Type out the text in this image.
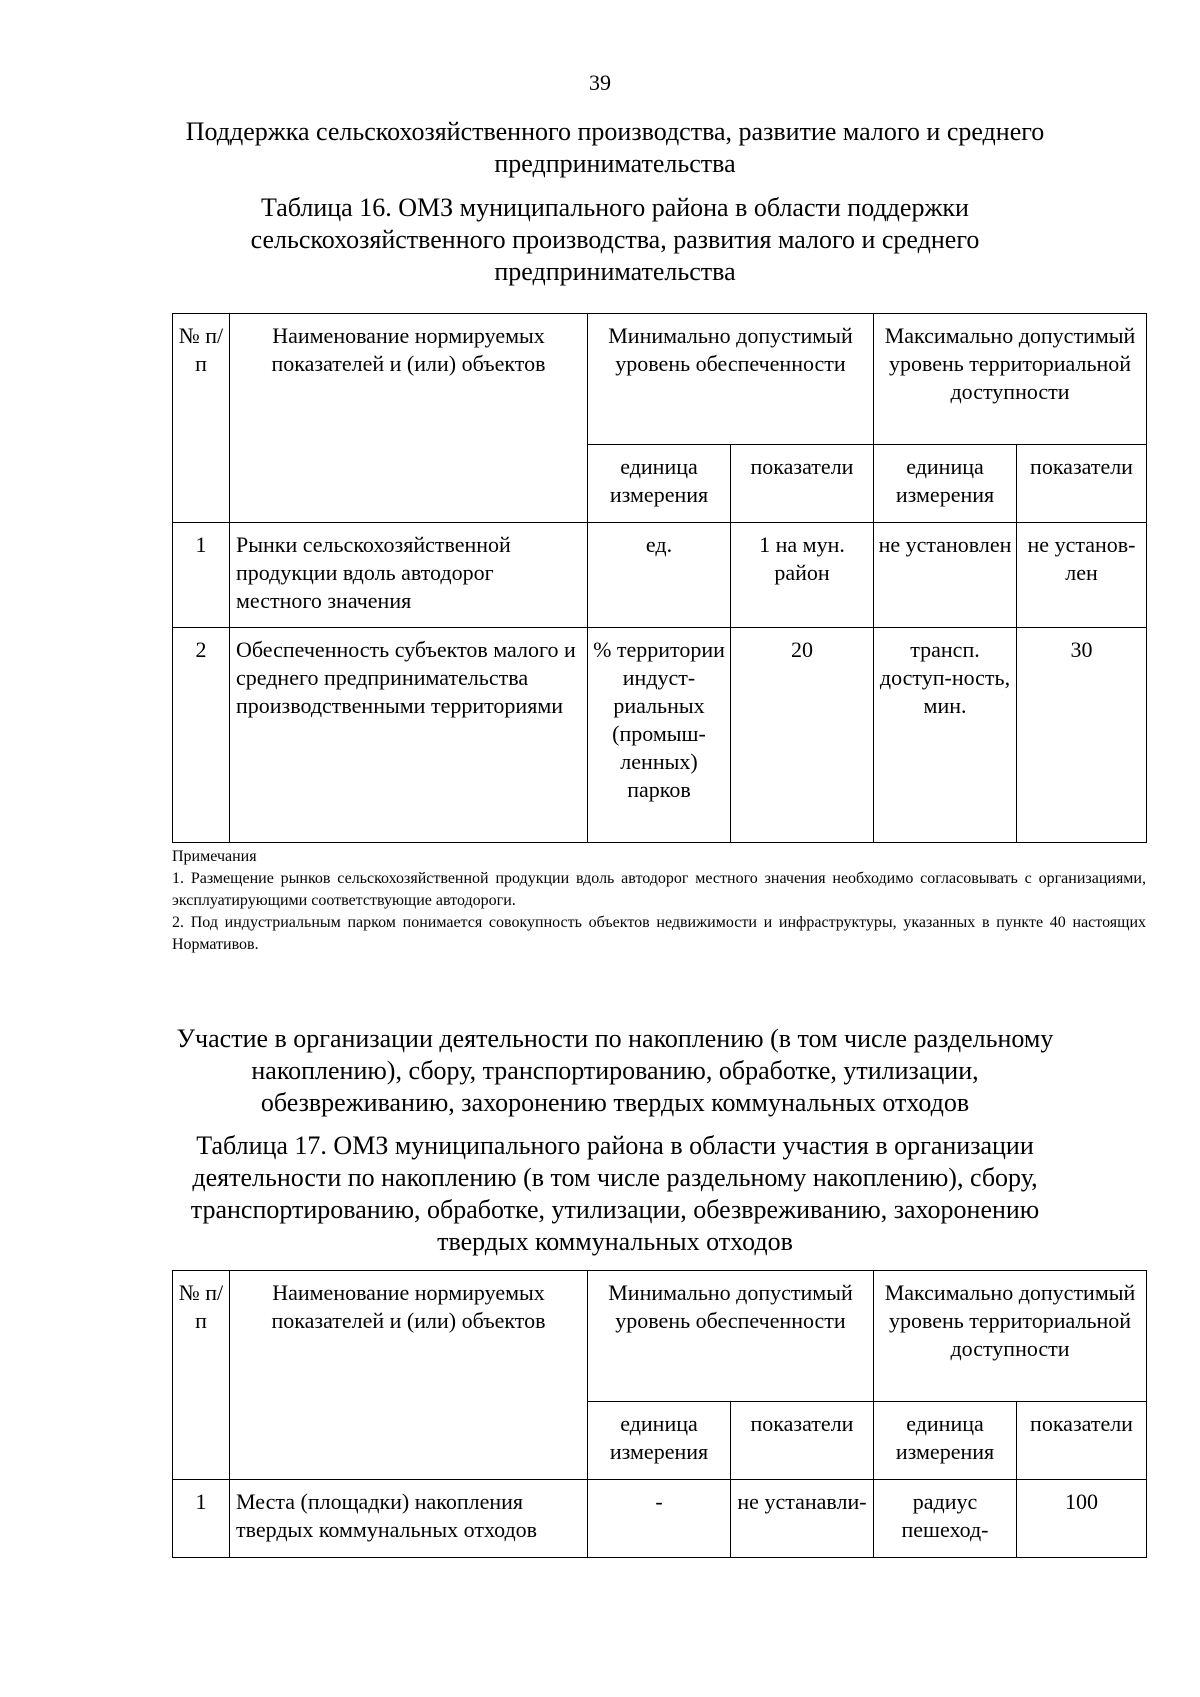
39
Поддержка сельскохозяйственного производства, развитие малого и среднего
предпринимательства
Таблица 16. ОМЗ муниципального района в области поддержки
сельскохозяйственного производства, развития малого и среднего
предпринимательства
№ п/п	Наименование нормируемых показателей и (или) объектов	Минимально допустимый уровень обеспеченности		Максимально допустимый уровень территориальной доступности	
		единица измерения	показатели	единица измерения	показатели
1	Рынки сельскохозяйственной продукции вдоль автодорог местного значения	ед.	1 на мун. район	не установлен	не установ-лен
2	Обеспеченность субъектов малого и среднего предпринимательства производственными территориями	% территории индуст-риальных (промыш-ленных) парков	20	трансп. доступ-ность, мин.	30
Примечания
1. Размещение рынков сельскохозяйственной продукции вдоль автодорог местного значения необходимо согласовывать с организациями, эксплуатирующими соответствующие автодороги.
2. Под индустриальным парком понимается совокупность объектов недвижимости и инфраструктуры, указанных в пункте 40 настоящих Нормативов.
Участие в организации деятельности по накоплению (в том числе раздельному
накоплению), сбору, транспортированию, обработке, утилизации,
обезвреживанию, захоронению твердых коммунальных отходов
Таблица 17. ОМЗ муниципального района в области участия в организации
деятельности по накоплению (в том числе раздельному накоплению), сбору,
транспортированию, обработке, утилизации, обезвреживанию, захоронению
твердых коммунальных отходов
№ п/п	Наименование нормируемых показателей и (или) объектов	Минимально допустимый уровень обеспеченности		Максимально допустимый уровень территориальной доступности	
		единица измерения	показатели	единица измерения	показатели
1	Места (площадки) накопления твердых коммунальных отходов	-	не устанавли-	радиус пешеход-	100
